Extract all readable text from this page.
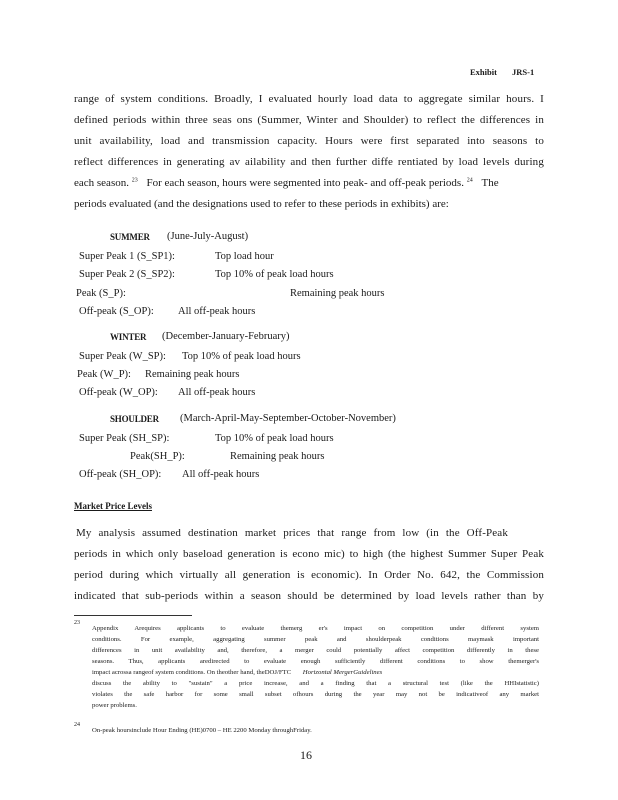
Exhibit JRS-1
range of system conditions. Broadly, I evaluated hourly load data to aggregate similar hours. I
defined periods within three seas ons (Summer, Winter and Shoulder) to reflect the differences in
unit availability, load and transmission capacity. Hours were first separated into seasons to
reflect differences in generating av ailability and then further diffe rentiated by load levels during
each season. $^{23}$ For each season, hours were segmented into peak- and off-peak periods. $^{24}$ The
periods evaluated (and the designations used to refer to these periods in exhibits) are:
SUMMER (June-July-August)
Super Peak 1 (S_SP1):	Top load hour
Super Peak 2 (S_SP2):	Top 10% of peak load hours
Peak (S_P):	Remaining peak hours
Off-peak (S_OP): All off-peak hours
WINTER (December-January-February)
Super Peak (W_SP): Top 10% of peak load hours
Peak (W_P): Remaining peak hours
Off-peak (W_OP): All off-peak hours
SHOULDER (March-April-May-September-October-November)
Super Peak (SH_SP):	Top 10% of peak load hours
Peak(SH_P):	Remaining peak hours
Off-peak (SH_OP): All off-peak hours
Market Price Levels
My analysis assumed destination market prices that range from low (in the Off-Peak
periods in which only baseload generation is econo mic) to high (the highest Summer Super Peak
period during which virtually all generation is economic). In Order No. 642, the Commission
indicated that sub-periods within a season should be determined by load levels rather than by
23
Appendix Arequires applicants to evaluate themerg er's impact on competition under different system
conditions. For example, aggregating summer peak and shoulderpeak conditions maymask important
differences in unit availability and, therefore, a merger could potentially affect competition differently in these
seasons. Thus, applicants aredirected to evaluate enough sufficiently different conditions to show themerger's
impact acrossa rangeof system conditions. On theother hand, theDOJ/FTC Horizontal MergerGuidelines
discuss the ability to "sustain" a price increase, and a finding that a structural test (like the HHIstatistic)
violates the safe harbor for some small subset ofhours during the year may not be indicativeof any market
power problems.
24
On-peak hoursinclude Hour Ending (HE)0700 – HE 2200 Monday throughFriday.
16
